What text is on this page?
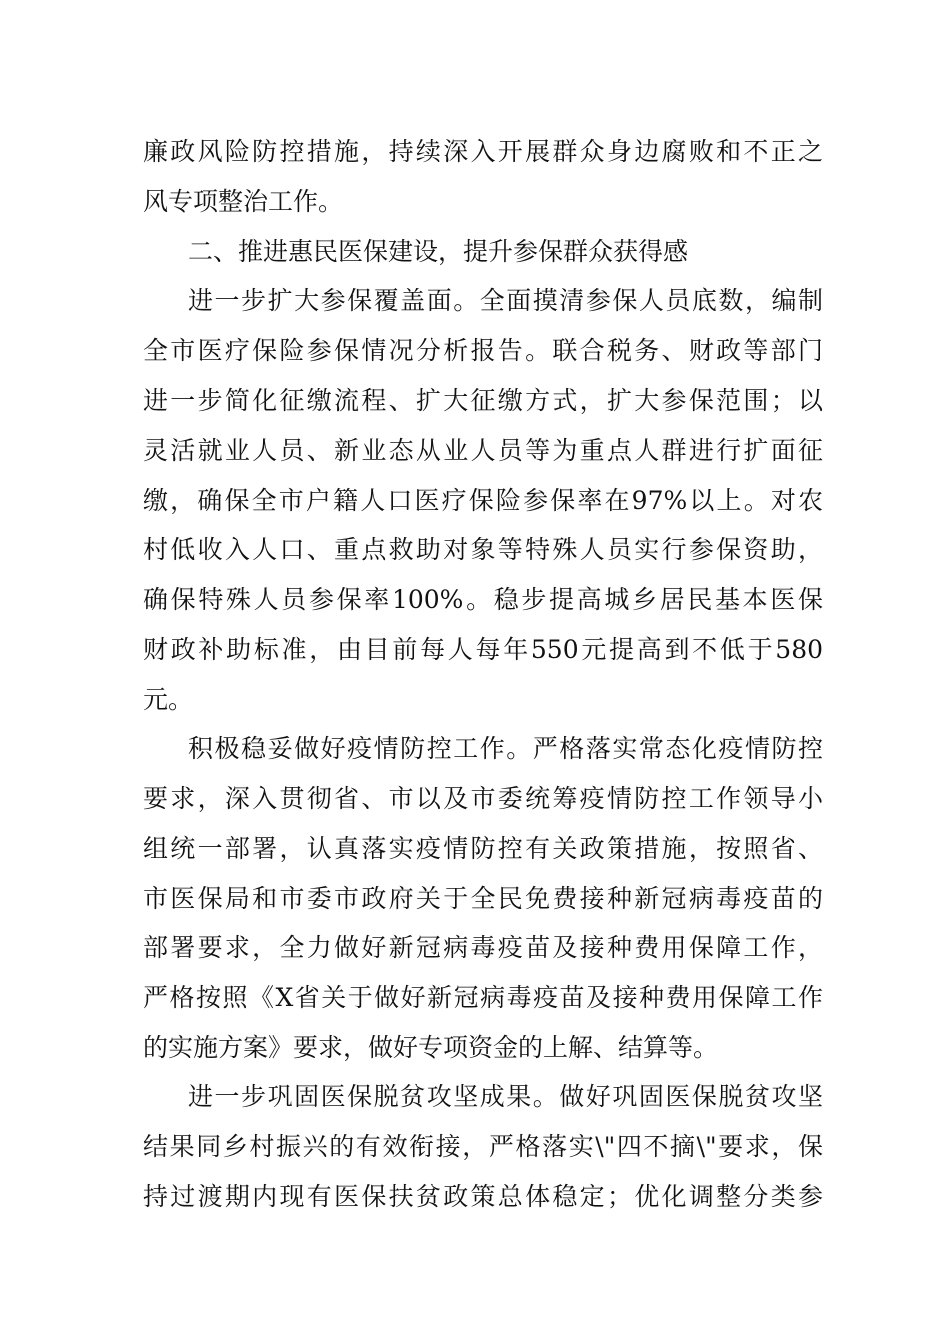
廉政风险防控措施，持续深入开展群众身边腐败和不正之
风专项整治工作。
二、推进惠民医保建设，提升参保群众获得感
进一步扩大参保覆盖面。全面摸清参保人员底数，编制
全市医疗保险参保情况分析报告。联合税务、财政等部门
进一步简化征缴流程、扩大征缴方式，扩大参保范围；以
灵活就业人员、新业态从业人员等为重点人群进行扩面征
缴，确保全市户籍人口医疗保险参保率在97%以上。对农
村低收入人口、重点救助对象等特殊人员实行参保资助，
确保特殊人员参保率100%。稳步提高城乡居民基本医保
财政补助标准，由目前每人每年550元提高到不低于580
元。
积极稳妥做好疫情防控工作。严格落实常态化疫情防控
要求，深入贯彻省、市以及市委统筹疫情防控工作领导小
组统一部署，认真落实疫情防控有关政策措施，按照省、
市医保局和市委市政府关于全民免费接种新冠病毒疫苗的
部署要求，全力做好新冠病毒疫苗及接种费用保障工作，
严格按照《X省关于做好新冠病毒疫苗及接种费用保障工作
的实施方案》要求，做好专项资金的上解、结算等。
进一步巩固医保脱贫攻坚成果。做好巩固医保脱贫攻坚
结果同乡村振兴的有效衔接，严格落实\"四不摘\"要求，保
持过渡期内现有医保扶贫政策总体稳定；优化调整分类参
